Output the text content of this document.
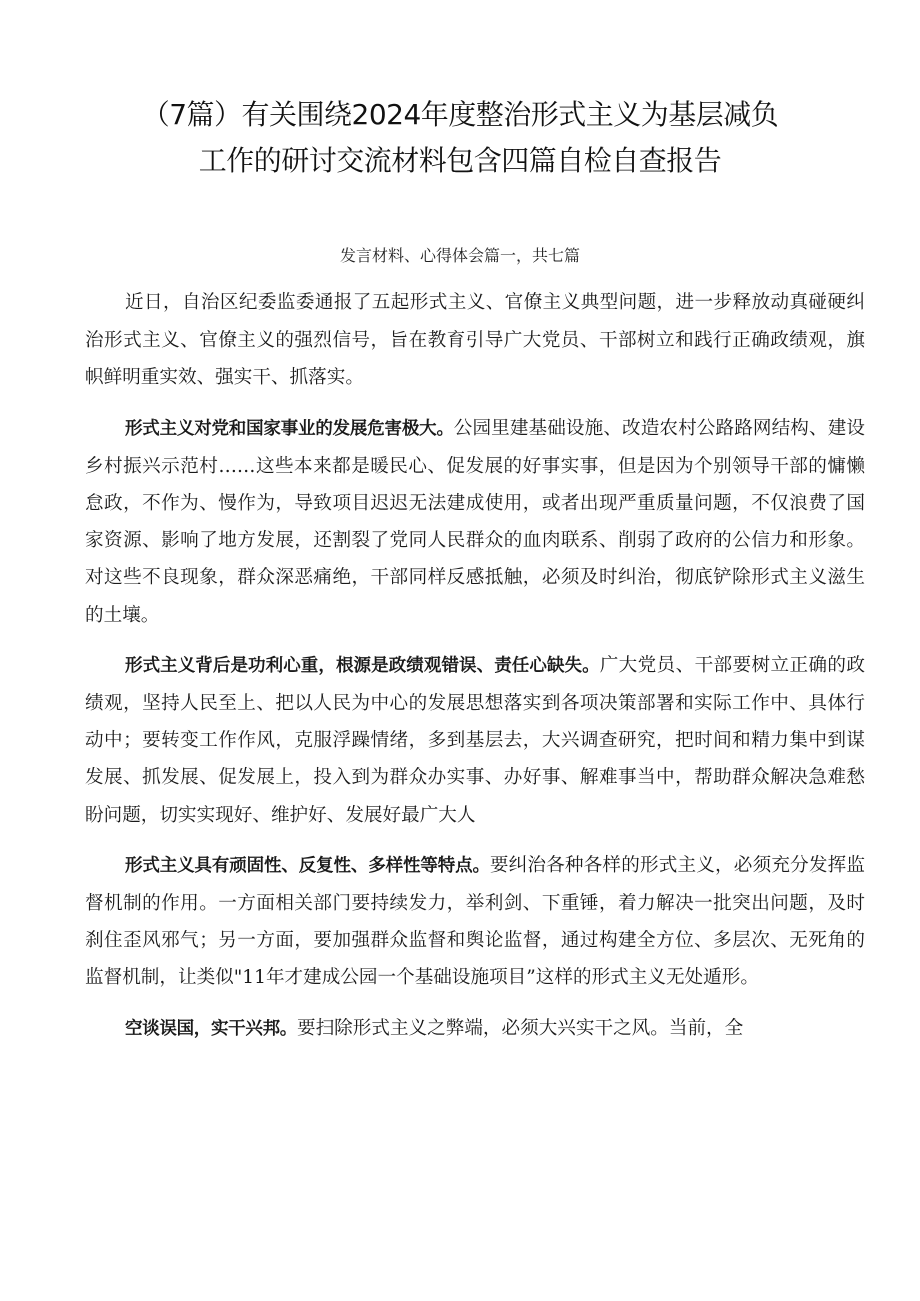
（7篇）有关围绕2024年度整治形式主义为基层减负
工作的研讨交流材料包含四篇自检自查报告

发言材料、心得体会篇一，共七篇

近日，自治区纪委监委通报了五起形式主义、官僚主义典型问题，进一步释放动真碰硬纠治形式主义、官僚主义的强烈信号，旨在教育引导广大党员、干部树立和践行正确政绩观，旗帜鲜明重实效、强实干、抓落实。

形式主义对党和国家事业的发展危害极大。公园里建基础设施、改造农村公路路网结构、建设乡村振兴示范村……这些本来都是暖民心、促发展的好事实事，但是因为个别领导干部的慵懒怠政，不作为、慢作为，导致项目迟迟无法建成使用，或者出现严重质量问题，不仅浪费了国家资源、影响了地方发展，还割裂了党同人民群众的血肉联系、削弱了政府的公信力和形象。对这些不良现象，群众深恶痛绝，干部同样反感抵触，必须及时纠治，彻底铲除形式主义滋生的土壤。

形式主义背后是功利心重，根源是政绩观错误、责任心缺失。广大党员、干部要树立正确的政绩观，坚持人民至上、把以人民为中心的发展思想落实到各项决策部署和实际工作中、具体行动中；要转变工作作风，克服浮躁情绪，多到基层去，大兴调查研究，把时间和精力集中到谋发展、抓发展、促发展上，投入到为群众办实事、办好事、解难事当中，帮助群众解决急难愁盼问题，切实实现好、维护好、发展好最广大人

形式主义具有顽固性、反复性、多样性等特点。要纠治各种各样的形式主义，必须充分发挥监督机制的作用。一方面相关部门要持续发力，举利剑、下重锤，着力解决一批突出问题，及时刹住歪风邪气；另一方面，要加强群众监督和舆论监督，通过构建全方位、多层次、无死角的监督机制，让类似"11年才建成公园一个基础设施项目”这样的形式主义无处遁形。

空谈误国，实干兴邦。要扫除形式主义之弊端，必须大兴实干之风。当前，全
